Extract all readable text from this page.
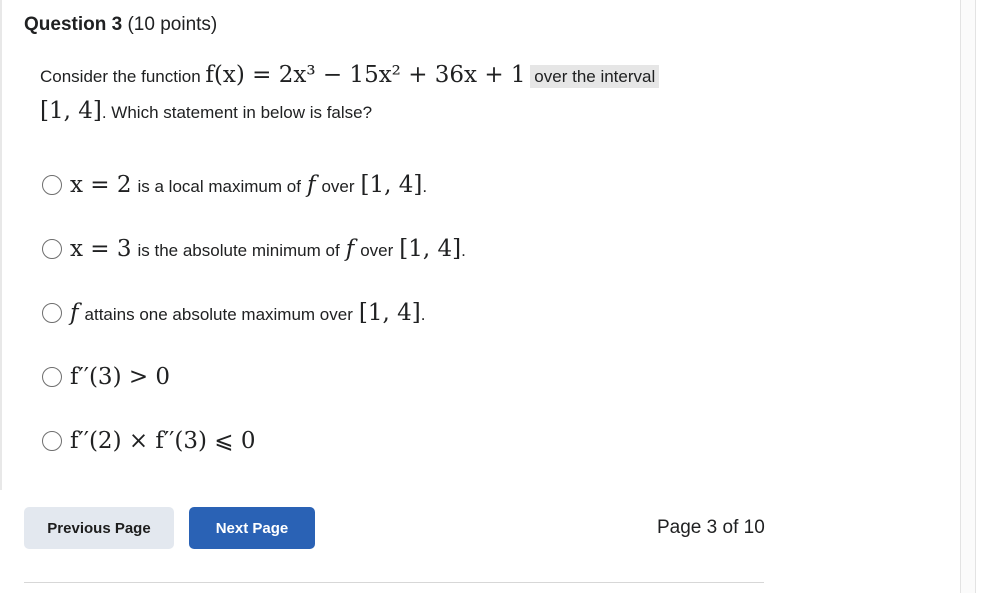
Question 3 (10 points)
Consider the function f(x) = 2x³ − 15x² + 36x + 1 over the interval
[1, 4]. Which statement in below is false?
x = 2 is a local maximum of f over [1, 4] .
x = 3 is the absolute minimum of f over [1, 4] .
f attains one absolute maximum over [1, 4] .
f′′(3) > 0
f′′(2) × f′′(3) ⩽ 0
Previous Page	Next Page	Page 3 of 10
